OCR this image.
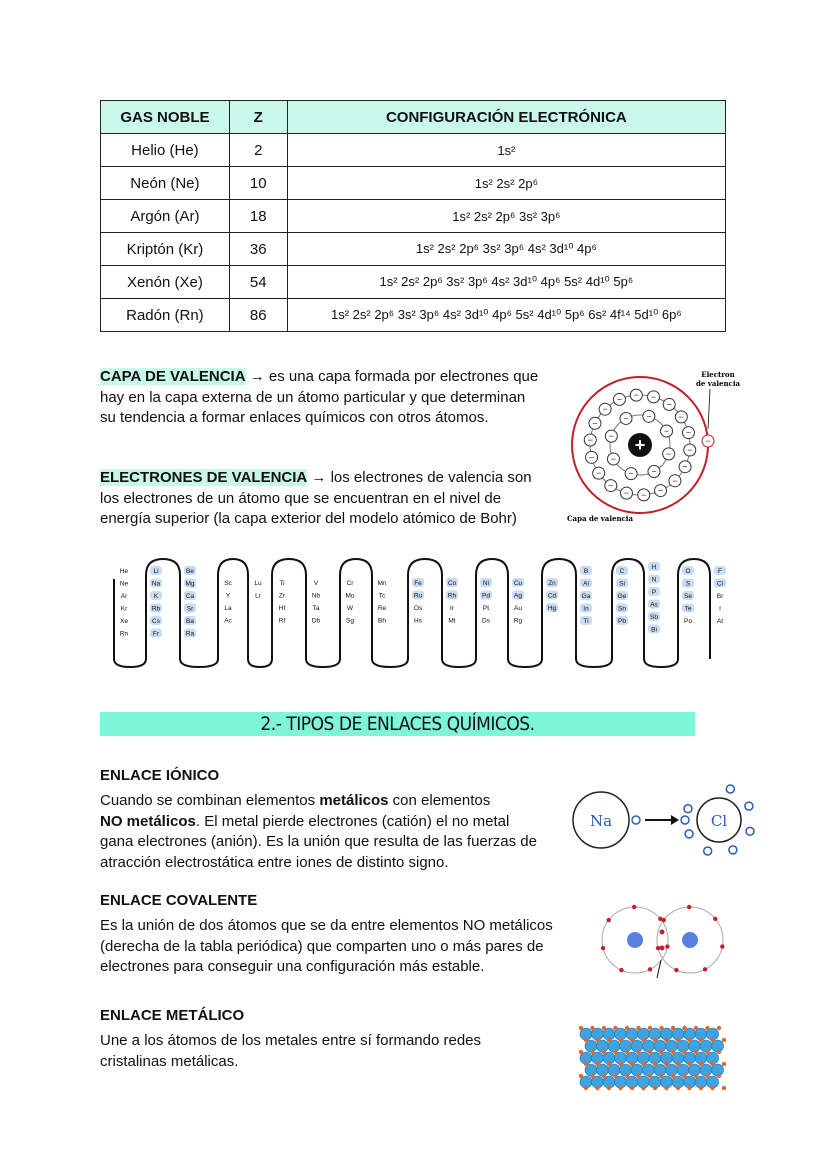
GAS NOBLE	Z	CONFIGURACIÓN ELECTRÓNICA
Helio (He)	2	1s²
Neón (Ne)	10	1s² 2s² 2p⁶
Argón (Ar)	18	1s² 2s² 2p⁶ 3s² 3p⁶
Kriptón (Kr)	36	1s² 2s² 2p⁶ 3s² 3p⁶ 4s² 3d¹⁰ 4p⁶
Xenón (Xe)	54	1s² 2s² 2p⁶ 3s² 3p⁶ 4s² 3d¹⁰ 4p⁶ 5s² 4d¹⁰ 5p⁶
Radón (Rn)	86	1s² 2s² 2p⁶ 3s² 3p⁶ 4s² 3d¹⁰ 4p⁶ 5s² 4d¹⁰ 5p⁶ 6s² 4f¹⁴ 5d¹⁰ 6p⁶
CAPA DE VALENCIA → es una capa formada por electrones que hay en la capa externa de un átomo particular y que determinan su tendencia a formar enlaces químicos con otros átomos.
ELECTRONES DE VALENCIA → los electrones de valencia son los electrones de un átomo que se encuentran en el nivel de energía superior (la capa exterior del modelo atómico de Bohr)
Electron
de valencia
−
−
−
−
−
− −
−
−
−
−
−
−
−
−
−
−
−
−
−
− − −
−
−
−
−
+
Capa de valencia
He
Ne
Ar
Kr
Xe
Rn
Li
Na
K
Rb
Cs
Fr
Be
Mg
Ca
Sr
Ba
Ra
Sc
Y
La
Ac
Lu
Lr
Ti
Zr
Hf
Rf
V
Nb
Ta
Db
Cr
Mo
W
Sg
Mn
Tc
Re
Bh
Fe
Ru
Os
Hs
Co
Rh
Ir
Mt
Ni
Pd
Pt
Ds
Cu
Ag
Au
Rg
Zn
Cd
Hg
B
Al
Ga
In
Tl
C
Si
Ge
Sn
Pb
H
N
P
As
Sb
Bi
O
S
Se
Te
Po
F
Cl
Br
I
At
2.- TIPOS DE ENLACES QUÍMICOS.
ENLACE IÓNICO
Cuando se combinan elementos metálicos con elementos
NO metálicos. El metal pierde electrones (catión) el no metal gana electrones (anión). Es la unión que resulta de las fuerzas de atracción electrostática entre iones de distinto signo.
Na	Cl
ENLACE COVALENTE
Es la unión de dos átomos que se da entre elementos NO metálicos (derecha de la tabla periódica) que comparten uno o más pares de electrones para conseguir una configuración más estable.
ENLACE METÁLICO
Une a los átomos de los metales entre sí formando redes cristalinas metálicas.
